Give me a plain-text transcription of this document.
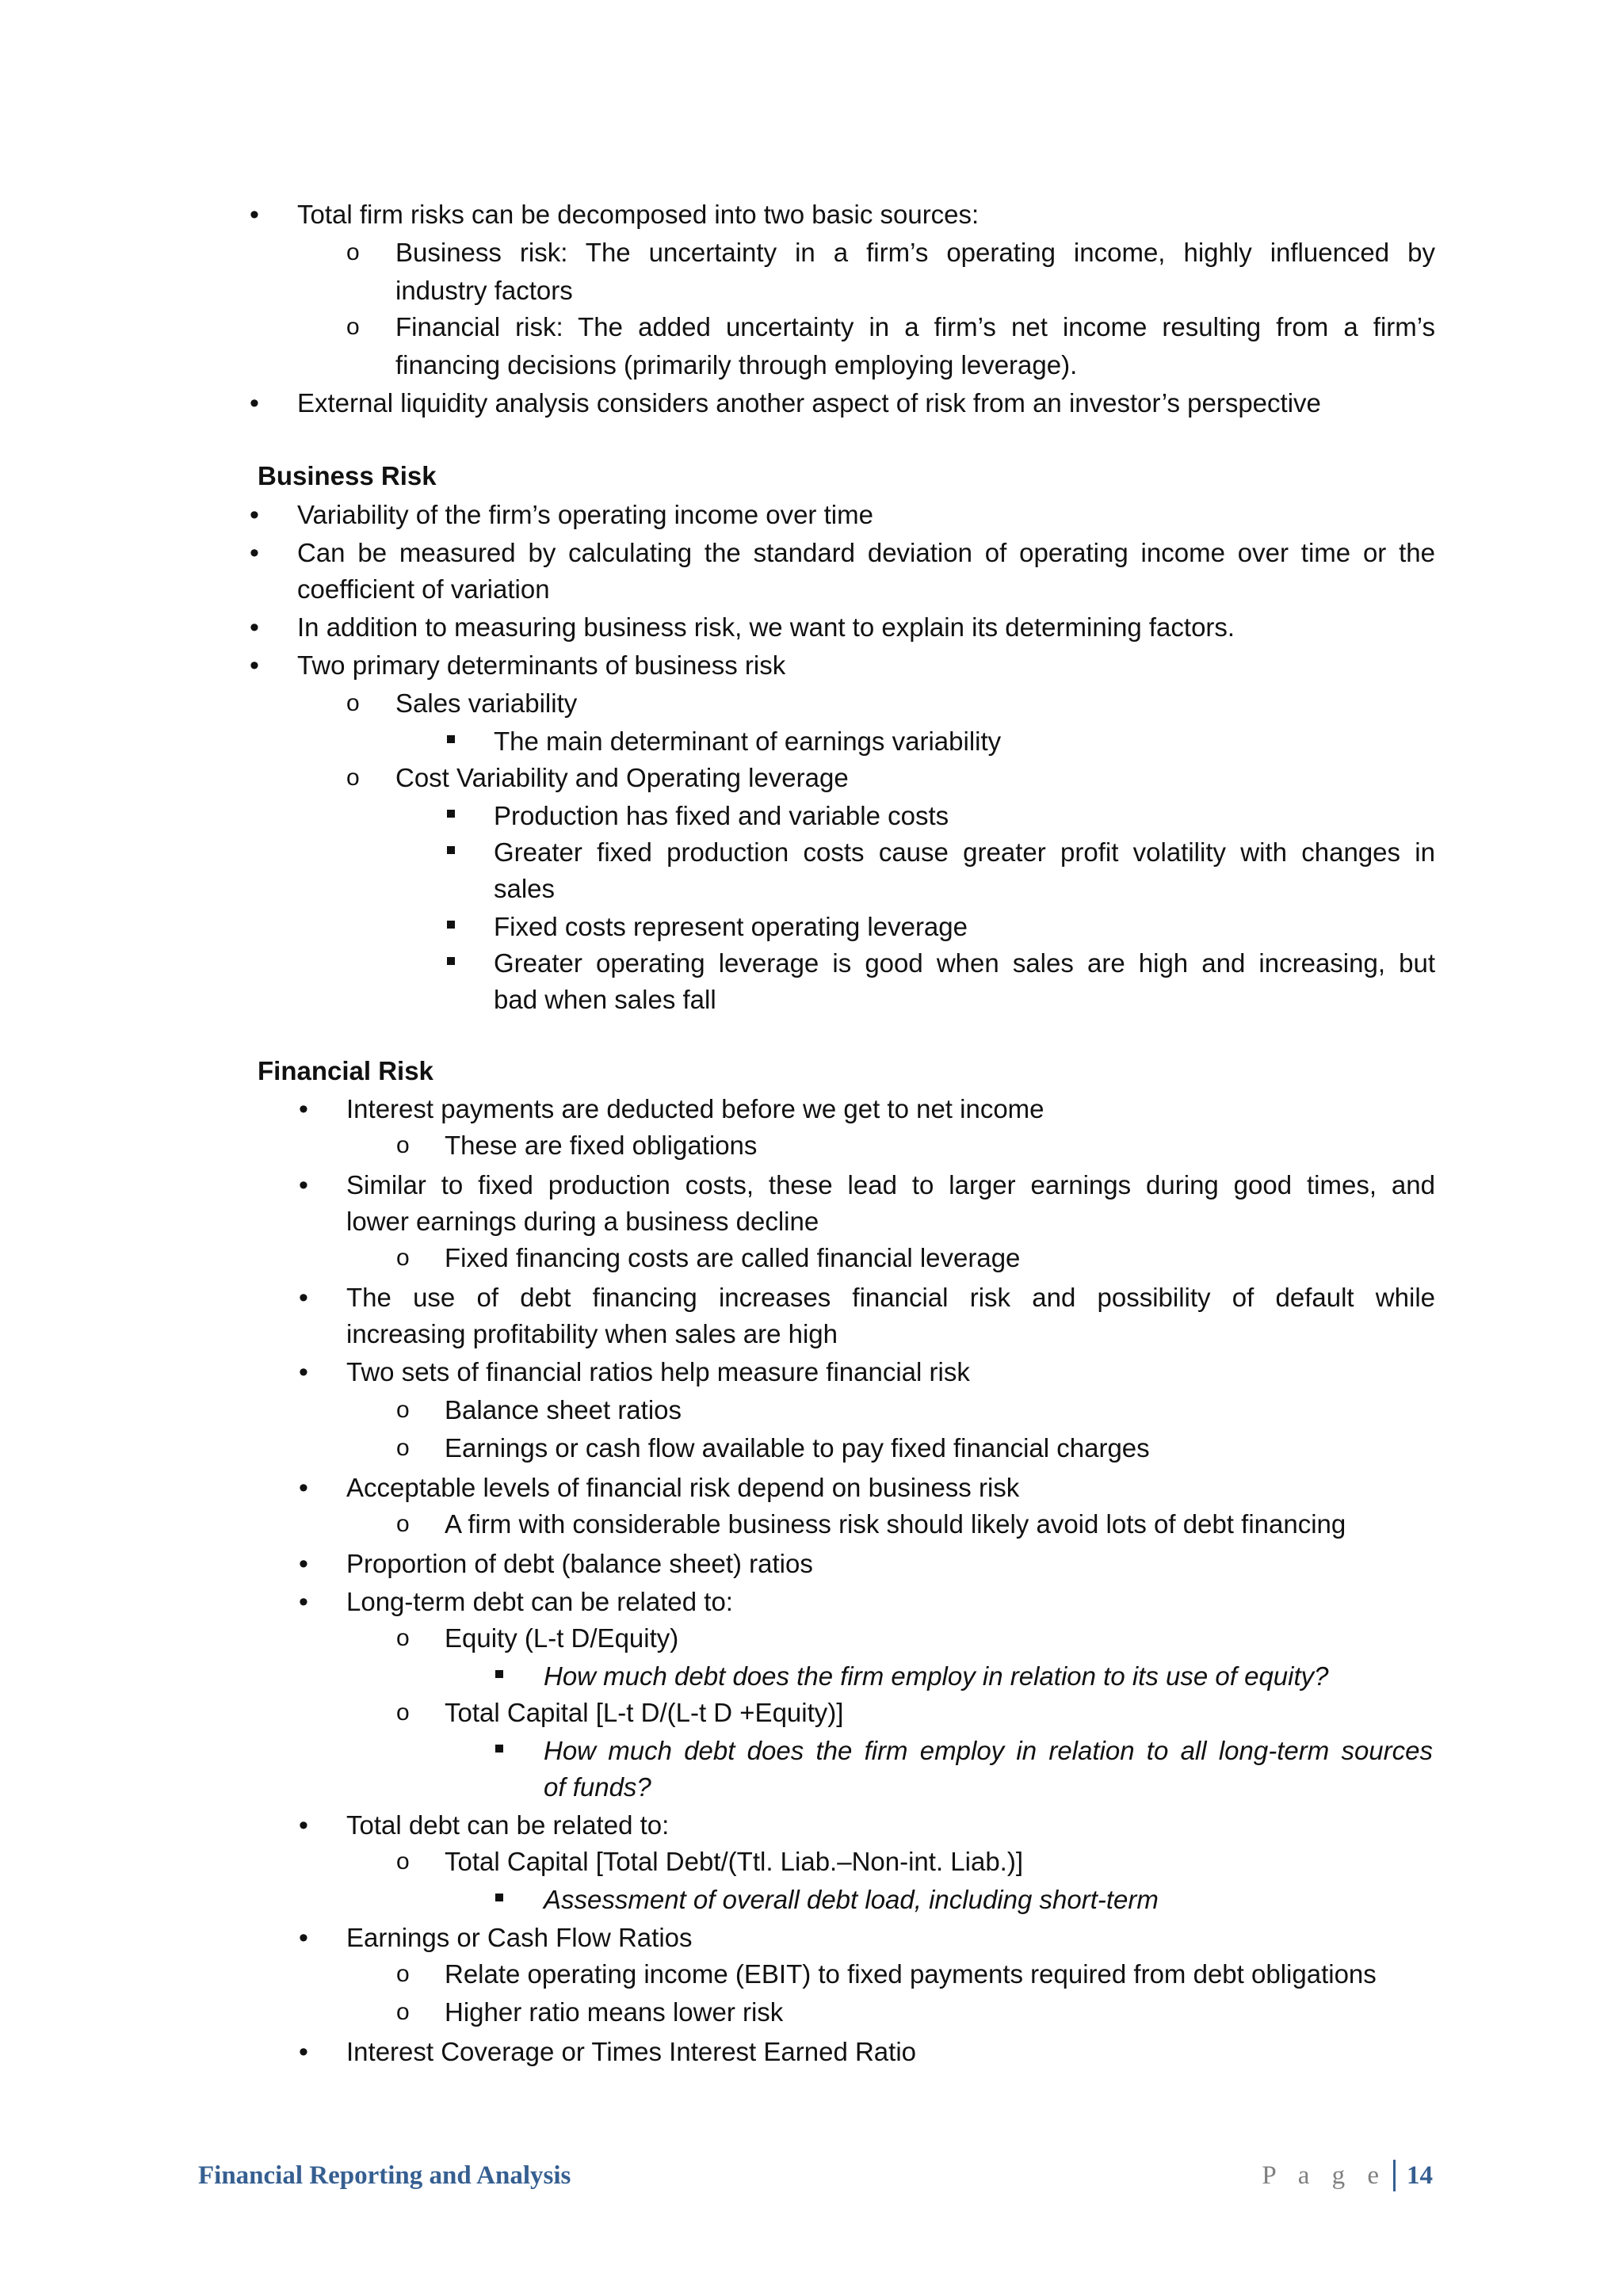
• Total firm risks can be decomposed into two basic sources:
o Business risk: The uncertainty in a firm’s operating income, highly influenced by
industry factors
o Financial risk: The added uncertainty in a firm’s net income resulting from a firm’s
financing decisions (primarily through employing leverage).
• External liquidity analysis considers another aspect of risk from an investor’s perspective
Business Risk
• Variability of the firm’s operating income over time
• Can be measured by calculating the standard deviation of operating income over time or the
coefficient of variation
• In addition to measuring business risk, we want to explain its determining factors.
• Two primary determinants of business risk
o Sales variability
The main determinant of earnings variability
o Cost Variability and Operating leverage
Production has fixed and variable costs
Greater fixed production costs cause greater profit volatility with changes in
sales
Fixed costs represent operating leverage
Greater operating leverage is good when sales are high and increasing, but
bad when sales fall
Financial Risk
• Interest payments are deducted before we get to net income
o These are fixed obligations
• Similar to fixed production costs, these lead to larger earnings during good times, and
lower earnings during a business decline
o Fixed financing costs are called financial leverage
• The use of debt financing increases financial risk and possibility of default while
increasing profitability when sales are high
• Two sets of financial ratios help measure financial risk
o Balance sheet ratios
o Earnings or cash flow available to pay fixed financial charges
• Acceptable levels of financial risk depend on business risk
o A firm with considerable business risk should likely avoid lots of debt financing
• Proportion of debt (balance sheet) ratios
• Long-term debt can be related to:
o Equity (L-t D/Equity)
How much debt does the firm employ in relation to its use of equity?
o Total Capital [L-t D/(L-t D +Equity)]
How much debt does the firm employ in relation to all long-term sources
of funds?
• Total debt can be related to:
o Total Capital [Total Debt/(Ttl. Liab.–Non-int. Liab.)]
Assessment of overall debt load, including short-term
• Earnings or Cash Flow Ratios
o Relate operating income (EBIT) to fixed payments required from debt obligations
o Higher ratio means lower risk
• Interest Coverage or Times Interest Earned Ratio
Financial Reporting and Analysis	P a g e 14
